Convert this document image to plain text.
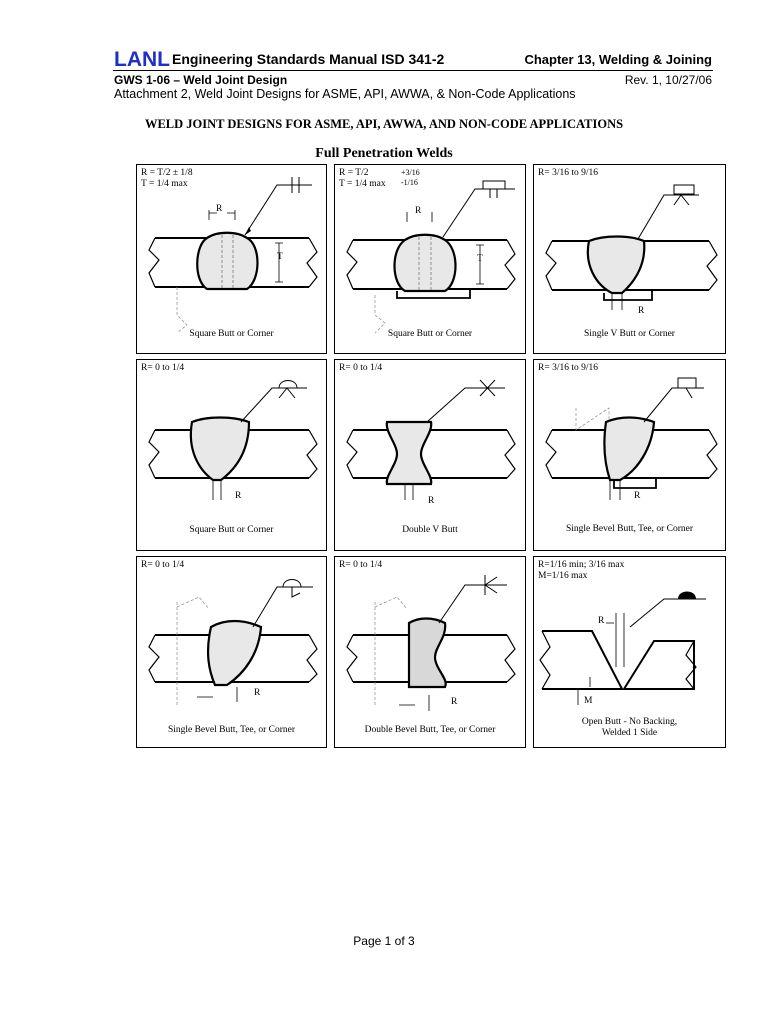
LANL Engineering Standards Manual ISD 341-2	Chapter 13, Welding & Joining
GWS 1-06 – Weld Joint Design	Rev. 1, 10/27/06
Attachment 2, Weld Joint Designs for ASME, API, AWWA, & Non-Code Applications
WELD JOINT DESIGNS FOR ASME, API, AWWA, AND NON-CODE APPLICATIONS
Full Penetration Welds
R = T/2 ± 1/8
T = 1/4 max
R
T
Square Butt or Corner
R = T/2
T = 1/4 max
+3/16
-1/16
R
T
Square Butt or Corner
R= 3/16 to 9/16
R
Single V Butt or Corner
R= 0 to 1/4
R
Square Butt or Corner
R= 0 to 1/4
R
Double V Butt
R= 3/16 to 9/16
R
Single Bevel Butt, Tee, or Corner
R= 0 to 1/4
R
Single Bevel Butt, Tee, or Corner
R= 0 to 1/4
R
Double Bevel Butt, Tee, or Corner
R=1/16 min; 3/16 max
M=1/16 max
R
M
Open Butt - No Backing,
Welded 1 Side
Page 1 of 3
